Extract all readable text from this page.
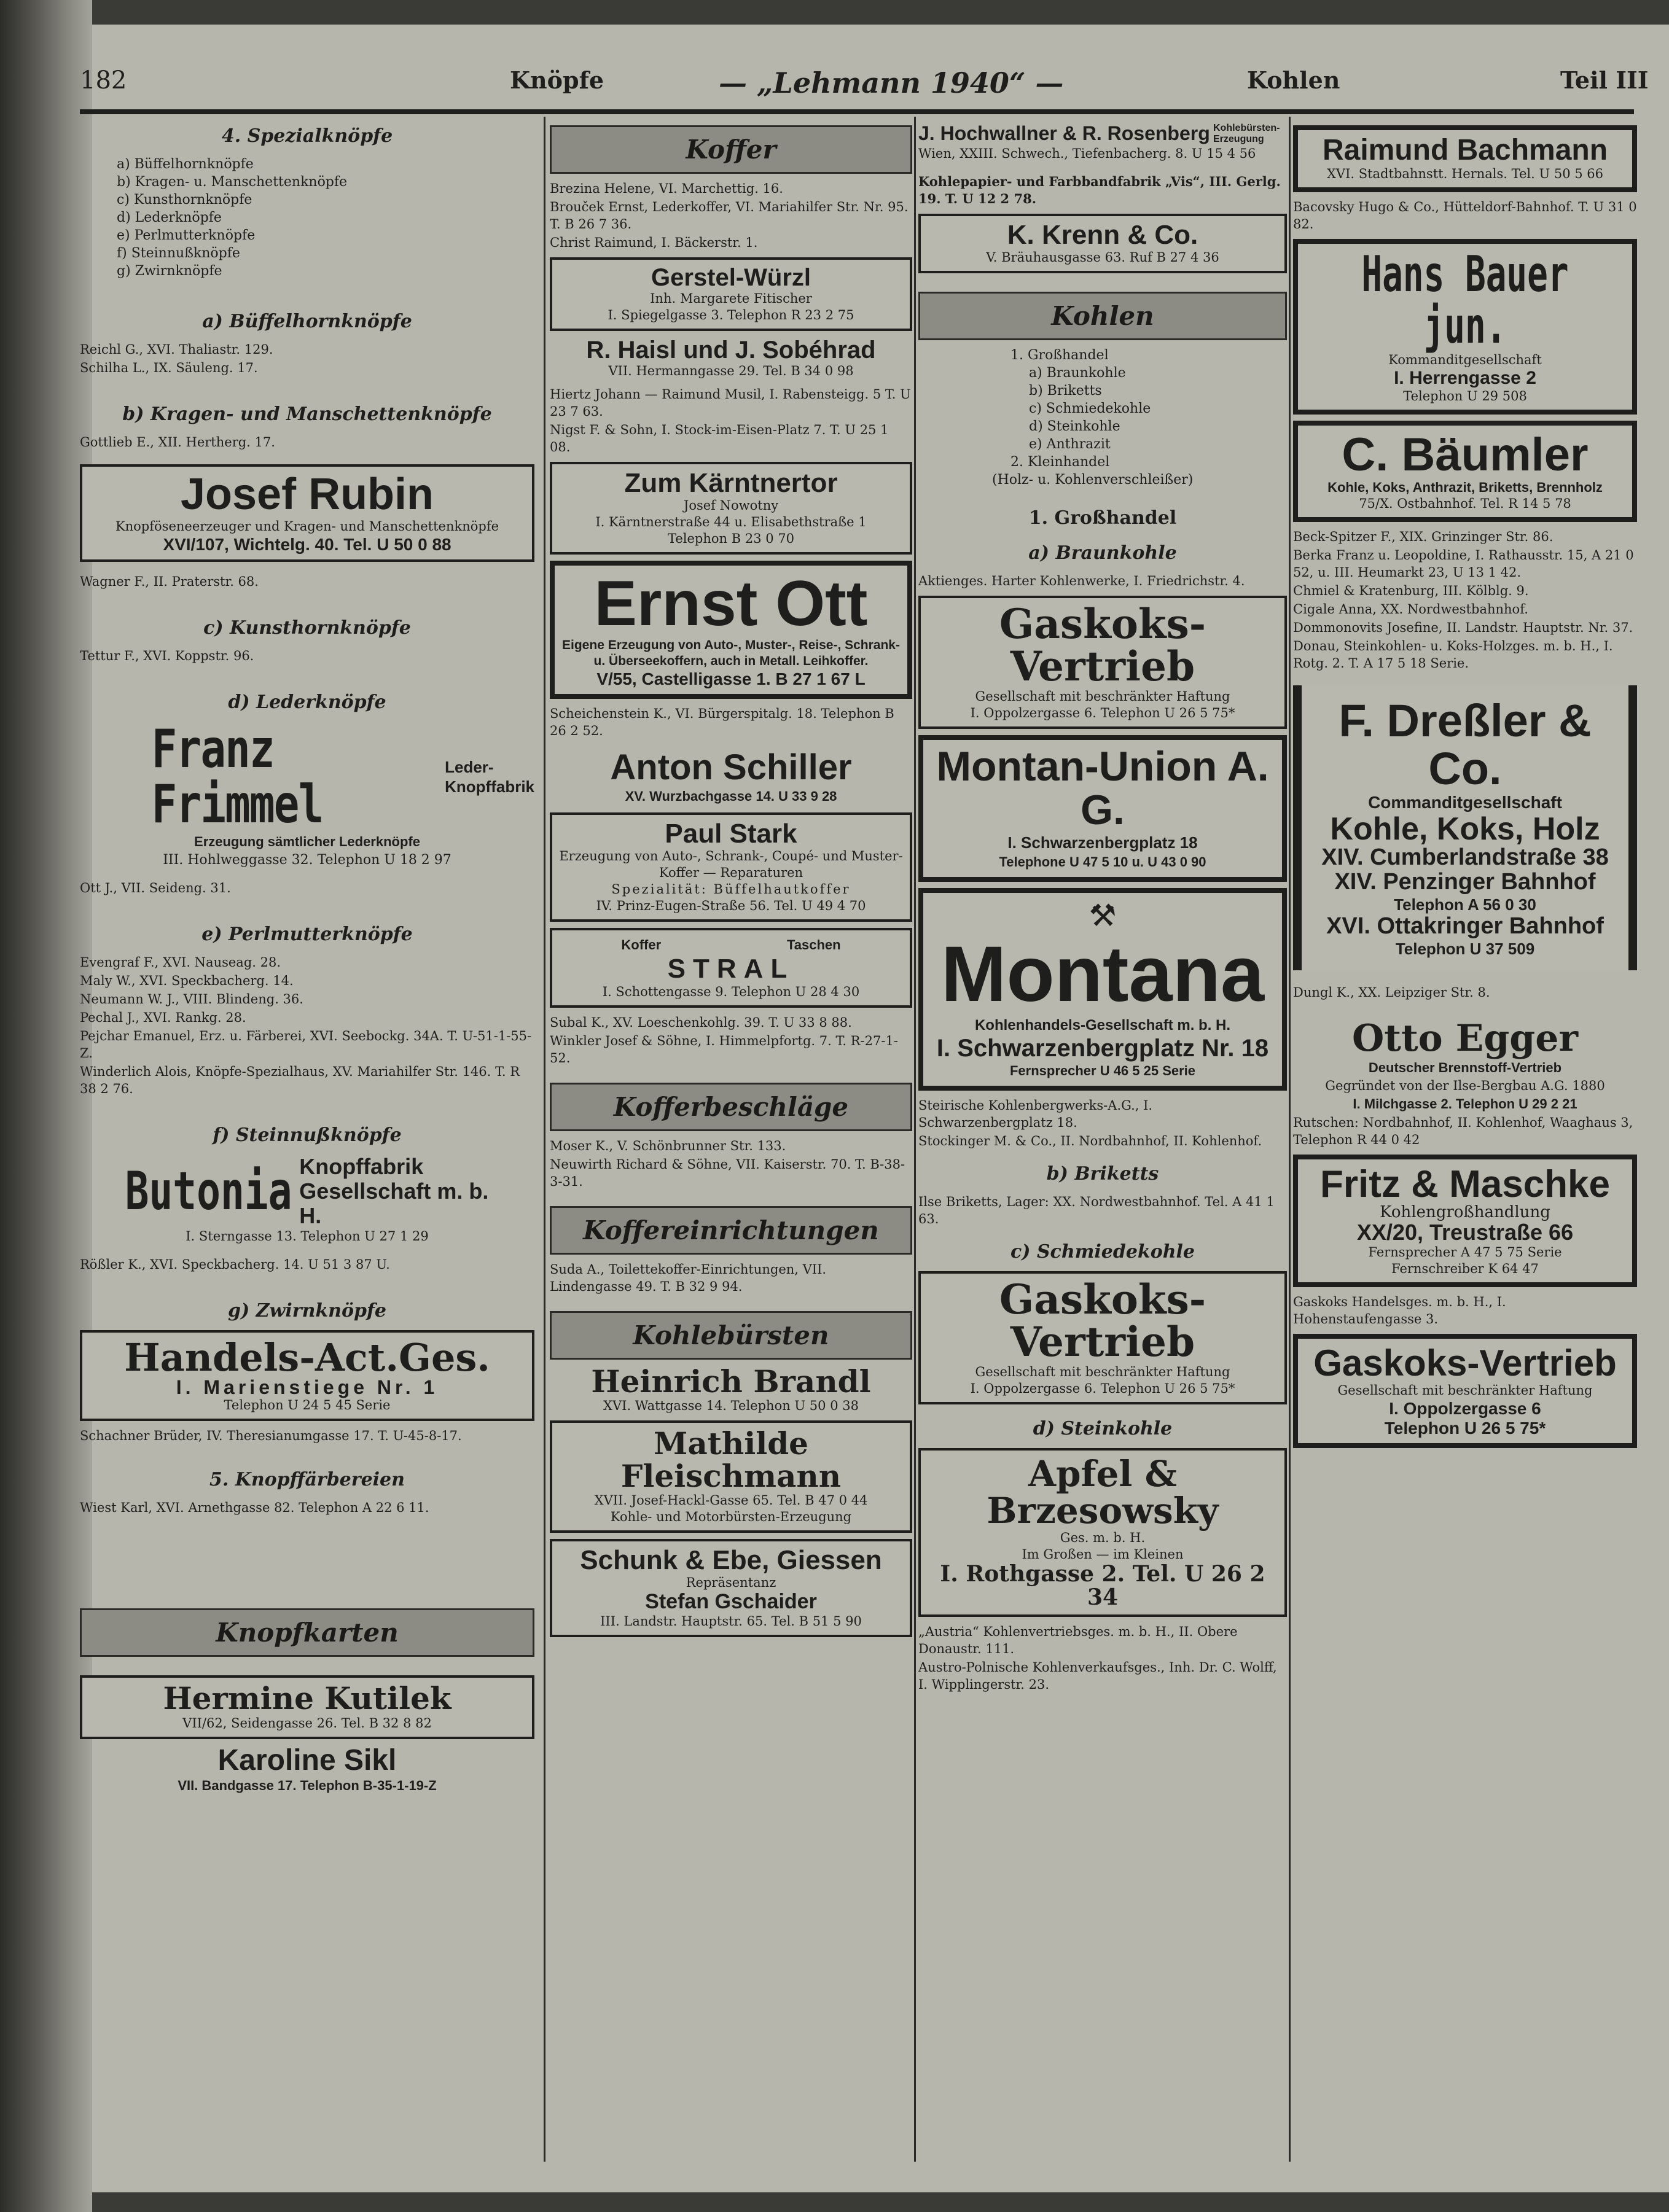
182	Knöpfe	— „Lehmann 1940“ —	Kohlen	Teil III
4. Spezialknöpfe
a) Büffelhornknöpfe
b) Kragen- u. Manschettenknöpfe
c) Kunsthornknöpfe
d) Lederknöpfe
e) Perlmutterknöpfe
f) Steinnußknöpfe
g) Zwirnknöpfe
a) Büffelhornknöpfe
Reichl G., XVI. Thaliastr. 129.
Schilha L., IX. Säuleng. 17.
b) Kragen- und Manschettenknöpfe
Gottlieb E., XII. Hertherg. 17.
Josef Rubin
Knopföseneerzeuger und Kragen- und Manschettenknöpfe
XVI/107, Wichtelg. 40. Tel. U 50 0 88
Wagner F., II. Praterstr. 68.
c) Kunsthornknöpfe
Tettur F., XVI. Koppstr. 96.
d) Lederknöpfe
Franz Frimmel
Leder-Knopffabrik
Erzeugung sämtlicher Lederknöpfe
III. Hohlweggasse 32. Telephon U 18 2 97
Ott J., VII. Seideng. 31.
e) Perlmutterknöpfe
Evengraf F., XVI. Nauseag. 28.
Maly W., XVI. Speckbacherg. 14.
Neumann W. J., VIII. Blindeng. 36.
Pechal J., XVI. Rankg. 28.
Pejchar Emanuel, Erz. u. Färberei, XVI. Seebockg. 34A. T. U-51-1-55-Z.
Winderlich Alois, Knöpfe-Spezialhaus, XV. Mariahilfer Str. 146. T. R 38 2 76.
f) Steinnußknöpfe
Butonia Knopffabrik Gesellschaft m. b. H.
I. Sterngasse 13. Telephon U 27 1 29
Rößler K., XVI. Speckbacherg. 14. U 51 3 87 U.
g) Zwirnknöpfe
Handels-Act.Ges.
I. Marienstiege Nr. 1
Telephon U 24 5 45 Serie
Schachner Brüder, IV. Theresianumgasse 17. T. U-45-8-17.
5. Knopffärbereien
Wiest Karl, XVI. Arnethgasse 82. Telephon A 22 6 11.
Knopfkarten
Hermine Kutilek
VII/62, Seidengasse 26. Tel. B 32 8 82
Karoline Sikl
VII. Bandgasse 17. Telephon B-35-1-19-Z
Koffer
Brezina Helene, VI. Marchettig. 16.
Brouček Ernst, Lederkoffer, VI. Mariahilfer Str. Nr. 95. T. B 26 7 36.
Christ Raimund, I. Bäckerstr. 1.
Gerstel-Würzl
Inh. Margarete Fitischer
I. Spiegelgasse 3. Telephon R 23 2 75
R. Haisl und J. Sobéhrad
VII. Hermanngasse 29. Tel. B 34 0 98
Hiertz Johann — Raimund Musil, I. Rabensteigg. 5 T. U 23 7 63.
Nigst F. & Sohn, I. Stock-im-Eisen-Platz 7. T. U 25 1 08.
Zum Kärntnertor
Josef Nowotny
I. Kärntnerstraße 44 u. Elisabethstraße 1
Telephon B 23 0 70
Ernst Ott
Eigene Erzeugung von Auto-, Muster-, Reise-, Schrank- u. Überseekoffern, auch in Metall. Leihkoffer.
V/55, Castelligasse 1. B 27 1 67 L
Scheichenstein K., VI. Bürgerspitalg. 18. Telephon B 26 2 52.
Anton Schiller
XV. Wurzbachgasse 14. U 33 9 28
Paul Stark
Erzeugung von Auto-, Schrank-, Coupé- und Muster-Koffer — Reparaturen
Spezialität: Büffelhautkoffer
IV. Prinz-Eugen-Straße 56. Tel. U 49 4 70
Koffer	Taschen
STRAL
I. Schottengasse 9. Telephon U 28 4 30
Subal K., XV. Loeschenkohlg. 39. T. U 33 8 88.
Winkler Josef & Söhne, I. Himmelpfortg. 7. T. R-27-1-52.
Kofferbeschläge
Moser K., V. Schönbrunner Str. 133.
Neuwirth Richard & Söhne, VII. Kaiserstr. 70. T. B-38-3-31.
Koffereinrichtungen
Suda A., Toilettekoffer-Einrichtungen, VII. Lindengasse 49. T. B 32 9 94.
Kohlebürsten
Heinrich Brandl
XVI. Wattgasse 14. Telephon U 50 0 38
Mathilde Fleischmann
XVII. Josef-Hackl-Gasse 65. Tel. B 47 0 44
Kohle- und Motorbürsten-Erzeugung
Schunk & Ebe, Giessen
Repräsentanz
Stefan Gschaider
III. Landstr. Hauptstr. 65. Tel. B 51 5 90
J. Hochwallner & R. Rosenberg Kohlebürsten-Erzeugung
Wien, XXIII. Schwech., Tiefenbacherg. 8. U 15 4 56
Kohlepapier- und Farbbandfabrik „Vis“, III. Gerlg. 19. T. U 12 2 78.
K. Krenn & Co.
V. Bräuhausgasse 63. Ruf B 27 4 36
Kohlen
1. Großhandel
a) Braunkohle
b) Briketts
c) Schmiedekohle
d) Steinkohle
e) Anthrazit
2. Kleinhandel
(Holz- u. Kohlenverschleißer)
1. Großhandel
a) Braunkohle
Aktienges. Harter Kohlenwerke, I. Friedrichstr. 4.
Gaskoks-Vertrieb
Gesellschaft mit beschränkter Haftung
I. Oppolzergasse 6. Telephon U 26 5 75*
Montan-Union A. G.
I. Schwarzenbergplatz 18
Telephone U 47 5 10 u. U 43 0 90
⚒
Montana
Kohlenhandels-Gesellschaft m. b. H.
I. Schwarzenbergplatz Nr. 18
Fernsprecher U 46 5 25 Serie
Steirische Kohlenbergwerks-A.G., I. Schwarzenbergplatz 18.
Stockinger M. & Co., II. Nordbahnhof, II. Kohlenhof.
b) Briketts
Ilse Briketts, Lager: XX. Nordwestbahnhof. Tel. A 41 1 63.
c) Schmiedekohle
Gaskoks-Vertrieb
Gesellschaft mit beschränkter Haftung
I. Oppolzergasse 6. Telephon U 26 5 75*
d) Steinkohle
Apfel & Brzesowsky
Ges. m. b. H.
Im Großen — im Kleinen
I. Rothgasse 2. Tel. U 26 2 34
„Austria“ Kohlenvertriebsges. m. b. H., II. Obere Donaustr. 111.
Austro-Polnische Kohlenverkaufsges., Inh. Dr. C. Wolff, I. Wipplingerstr. 23.
Raimund Bachmann
XVI. Stadtbahnstt. Hernals. Tel. U 50 5 66
Bacovsky Hugo & Co., Hütteldorf-Bahnhof. T. U 31 0 82.
Hans Bauer jun.
Kommanditgesellschaft
I. Herrengasse 2
Telephon U 29 508
C. Bäumler
Kohle, Koks, Anthrazit, Briketts, Brennholz
75/X. Ostbahnhof. Tel. R 14 5 78
Beck-Spitzer F., XIX. Grinzinger Str. 86.
Berka Franz u. Leopoldine, I. Rathausstr. 15, A 21 0 52, u. III. Heumarkt 23, U 13 1 42.
Chmiel & Kratenburg, III. Kölblg. 9.
Cigale Anna, XX. Nordwestbahnhof.
Dommonovits Josefine, II. Landstr. Hauptstr. Nr. 37.
Donau, Steinkohlen- u. Koks-Holzges. m. b. H., I. Rotg. 2. T. A 17 5 18 Serie.
F. Dreßler & Co.
Commanditgesellschaft
Kohle, Koks, Holz
XIV. Cumberlandstraße 38
XIV. Penzinger Bahnhof
Telephon A 56 0 30
XVI. Ottakringer Bahnhof
Telephon U 37 509
Dungl K., XX. Leipziger Str. 8.
Otto Egger
Deutscher Brennstoff-Vertrieb
Gegründet von der Ilse-Bergbau A.G. 1880
I. Milchgasse 2. Telephon U 29 2 21
Rutschen: Nordbahnhof, II. Kohlenhof, Waaghaus 3, Telephon R 44 0 42
Fritz & Maschke
Kohlengroßhandlung
XX/20, Treustraße 66
Fernsprecher A 47 5 75 Serie
Fernschreiber K 64 47
Gaskoks Handelsges. m. b. H., I. Hohenstaufengasse 3.
Gaskoks-Vertrieb
Gesellschaft mit beschränkter Haftung
I. Oppolzergasse 6
Telephon U 26 5 75*
